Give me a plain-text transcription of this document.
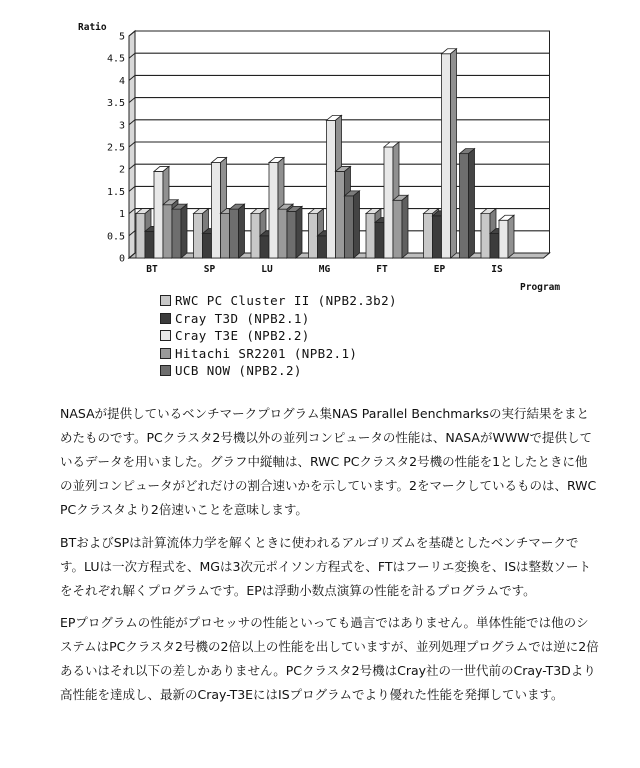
0
0.5
1
1.5
2
2.5
3
3.5
4
4.5
5
Ratio
Program
BT	SP	LU	MG	FT	EP	IS
RWC PC Cluster II (NPB2.3b2)
Cray T3D (NPB2.1)
Cray T3E (NPB2.2)
Hitachi SR2201 (NPB2.1)
UCB NOW (NPB2.2)

NASAが提供しているベンチマークプログラム集NAS Parallel Benchmarksの実行結果をまとめたものです。PCクラスタ2号機以外の並列コンピュータの性能は、NASAがWWWで提供しているデータを用いました。グラフ中縦軸は、RWC PCクラスタ2号機の性能を1としたときに他の並列コンピュータがどれだけの割合速いかを示しています。2をマークしているものは、RWC PCクラスタより2倍速いことを意味します。

BTおよびSPは計算流体力学を解くときに使われるアルゴリズムを基礎としたベンチマークです。LUは一次方程式を、MGは3次元ポイソン方程式を、FTはフーリエ変換を、ISは整数ソートをそれぞれ解くプログラムです。EPは浮動小数点演算の性能を計るプログラムです。

EPプログラムの性能がプロセッサの性能といっても過言ではありません。単体性能では他のシステムはPCクラスタ2号機の2倍以上の性能を出していますが、並列処理プログラムでは逆に2倍あるいはそれ以下の差しかありません。PCクラスタ2号機はCray社の一世代前のCray-T3Dより高性能を達成し、最新のCray-T3EにはISプログラムでより優れた性能を発揮しています。
